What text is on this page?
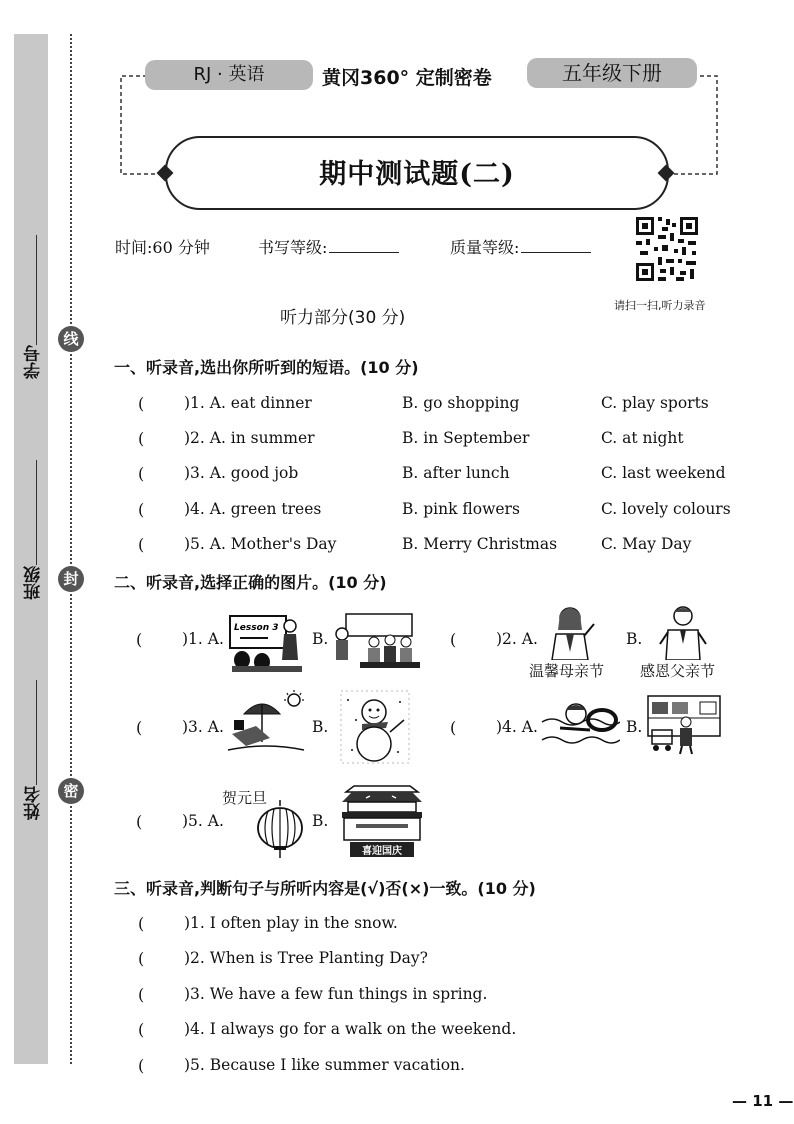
学号
班级
姓名
线
封
密
RJ · 英语	黄冈360° 定制密卷	五年级下册
期中测试题(二)
时间:60 分钟	书写等级:	质量等级:
请扫一扫,听力录音
听力部分(30 分)
一、听录音,选出你所听到的短语。(10 分)
(	)1. A. eat dinner	B. go shopping	C. play sports
(	)2. A. in summer	B. in September	C. at night
(	)3. A. good job	B. after lunch	C. last weekend
(	)4. A. green trees	B. pink flowers	C. lovely colours
(	)5. A. Mother's Day	B. Merry Christmas	C. May Day
二、听录音,选择正确的图片。(10 分)
(	)1. A.
Lesson 3
B.	(	)2. A.
温馨母亲节
B.
感恩父亲节
(	)3. A.	B.	(	)4. A.	B.
贺元旦
(	)5. A.	B.
喜迎国庆
三、听录音,判断句子与所听内容是(√)否(×)一致。(10 分)
(	)1. I often play in the snow.
(	)2. When is Tree Planting Day?
(	)3. We have a few fun things in spring.
(	)4. I always go for a walk on the weekend.
(	)5. Because I like summer vacation.
— 11 —
